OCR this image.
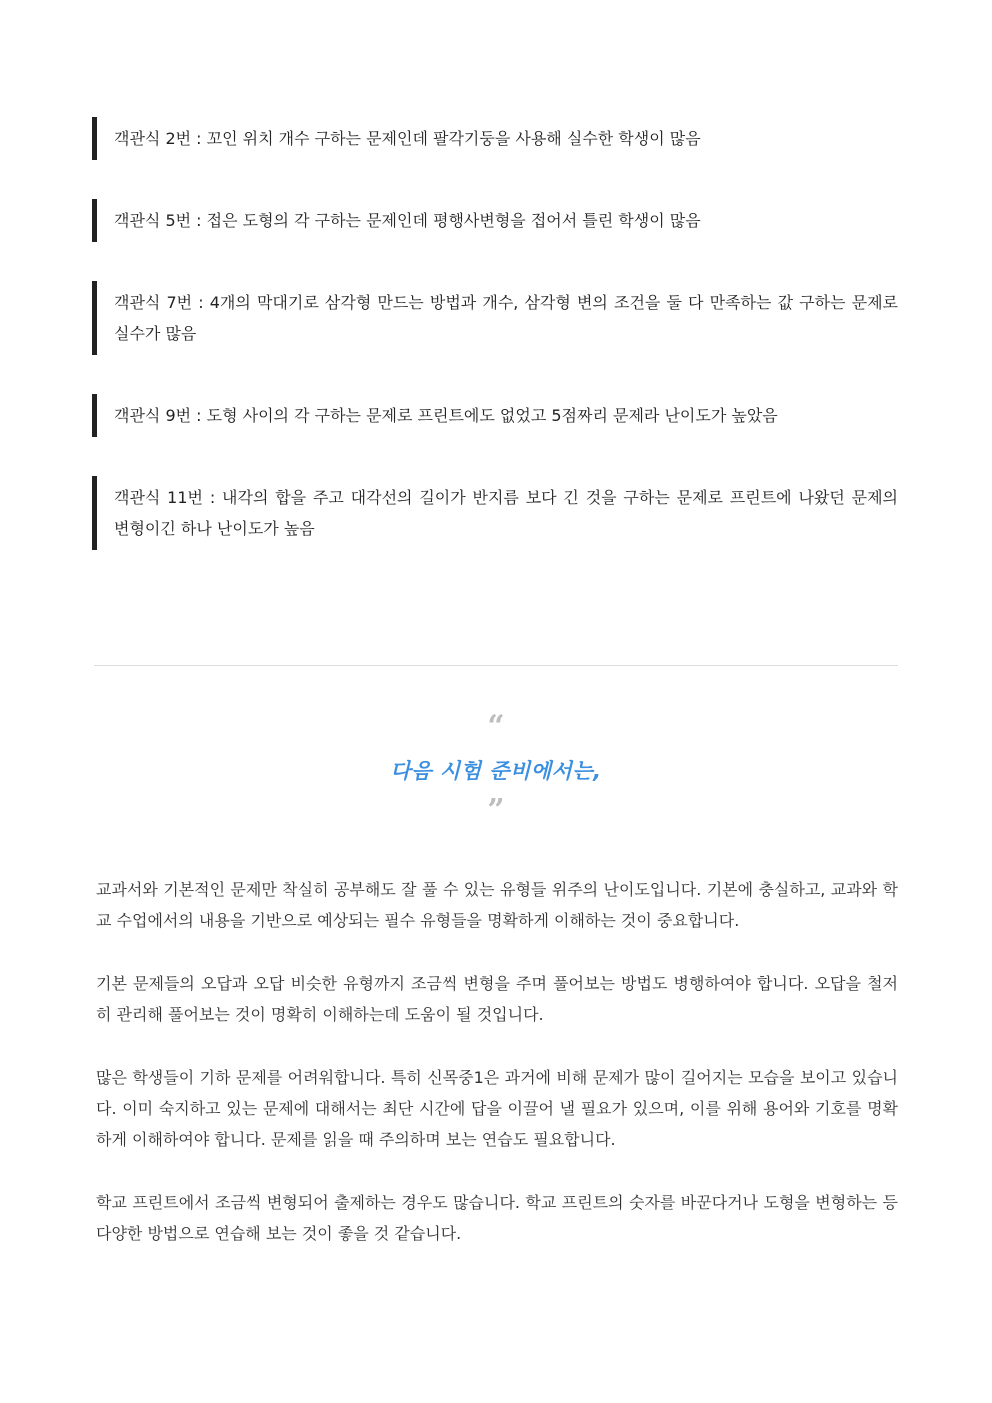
객관식 2번 : 꼬인 위치 개수 구하는 문제인데 팔각기둥을 사용해 실수한 학생이 많음
객관식 5번 : 접은 도형의 각 구하는 문제인데 평행사변형을 접어서 틀린 학생이 많음
객관식 7번 : 4개의 막대기로 삼각형 만드는 방법과 개수, 삼각형 변의 조건을 둘 다 만족하는 값 구하는 문제로 실수가 많음
객관식 9번 : 도형 사이의 각 구하는 문제로 프린트에도 없었고 5점짜리 문제라 난이도가 높았음
객관식 11번 : 내각의 합을 주고 대각선의 길이가 반지름 보다 긴 것을 구하는 문제로 프린트에 나왔던 문제의 변형이긴 하나 난이도가 높음
“
다음 시험 준비에서는,
”

교과서와 기본적인 문제만 착실히 공부해도 잘 풀 수 있는 유형들 위주의 난이도입니다. 기본에 충실하고, 교과와 학교 수업에서의 내용을 기반으로 예상되는 필수 유형들을 명확하게 이해하는 것이 중요합니다.

기본 문제들의 오답과 오답 비슷한 유형까지 조금씩 변형을 주며 풀어보는 방법도 병행하여야 합니다. 오답을 철저히 관리해 풀어보는 것이 명확히 이해하는데 도움이 될 것입니다.

많은 학생들이 기하 문제를 어려워합니다. 특히 신목중1은 과거에 비해 문제가 많이 길어지는 모습을 보이고 있습니다. 이미 숙지하고 있는 문제에 대해서는 최단 시간에 답을 이끌어 낼 필요가 있으며, 이를 위해 용어와 기호를 명확하게 이해하여야 합니다. 문제를 읽을 때 주의하며 보는 연습도 필요합니다.

학교 프린트에서 조금씩 변형되어 출제하는 경우도 많습니다. 학교 프린트의 숫자를 바꾼다거나 도형을 변형하는 등 다양한 방법으로 연습해 보는 것이 좋을 것 같습니다.
